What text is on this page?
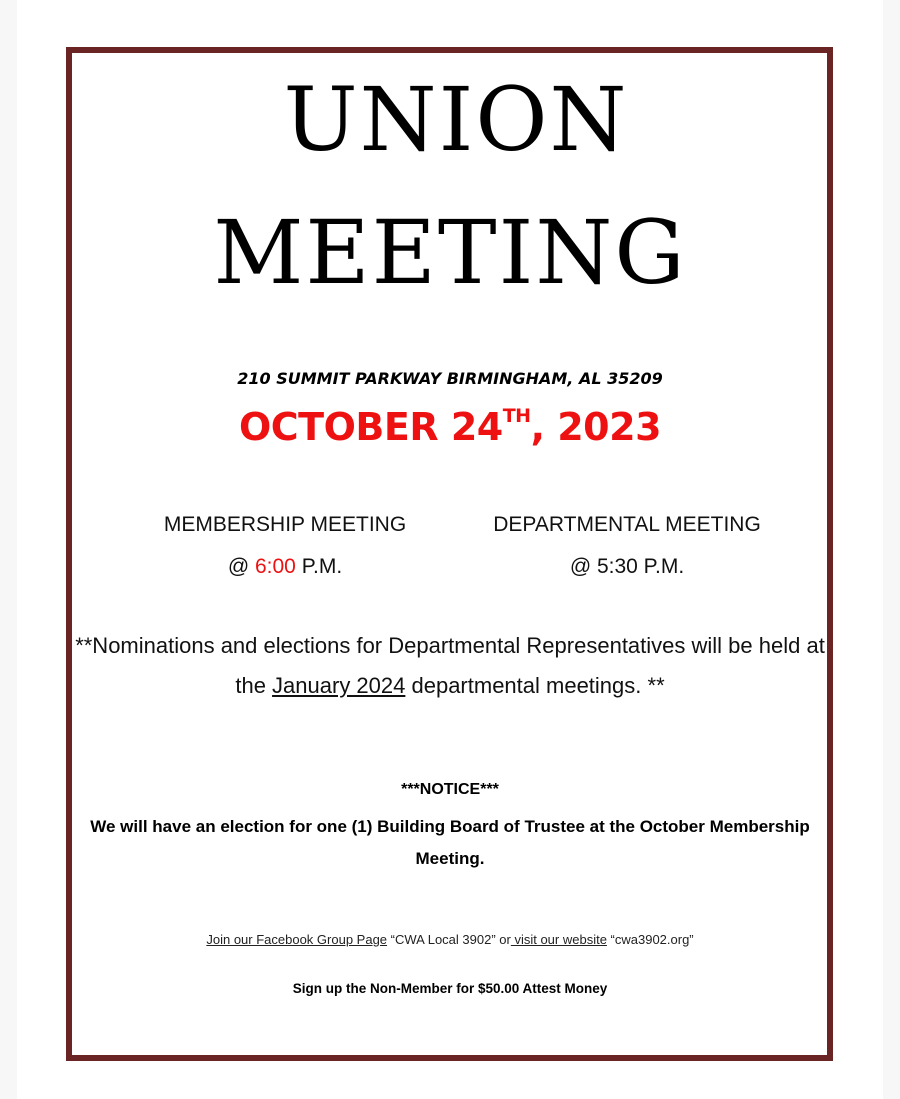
UNION
MEETING
210 SUMMIT PARKWAY BIRMINGHAM, AL 35209
OCTOBER 24TH, 2023
MEMBERSHIP MEETING
@ 6:00 P.M.
DEPARTMENTAL MEETING
@ 5:30 P.M.
**Nominations and elections for Departmental Representatives will be held at the January 2024 departmental meetings. **
***NOTICE***
We will have an election for one (1) Building Board of Trustee at the October Membership Meeting.
Join our Facebook Group Page “CWA Local 3902” or visit our website “cwa3902.org”
Sign up the Non-Member for $50.00 Attest Money
